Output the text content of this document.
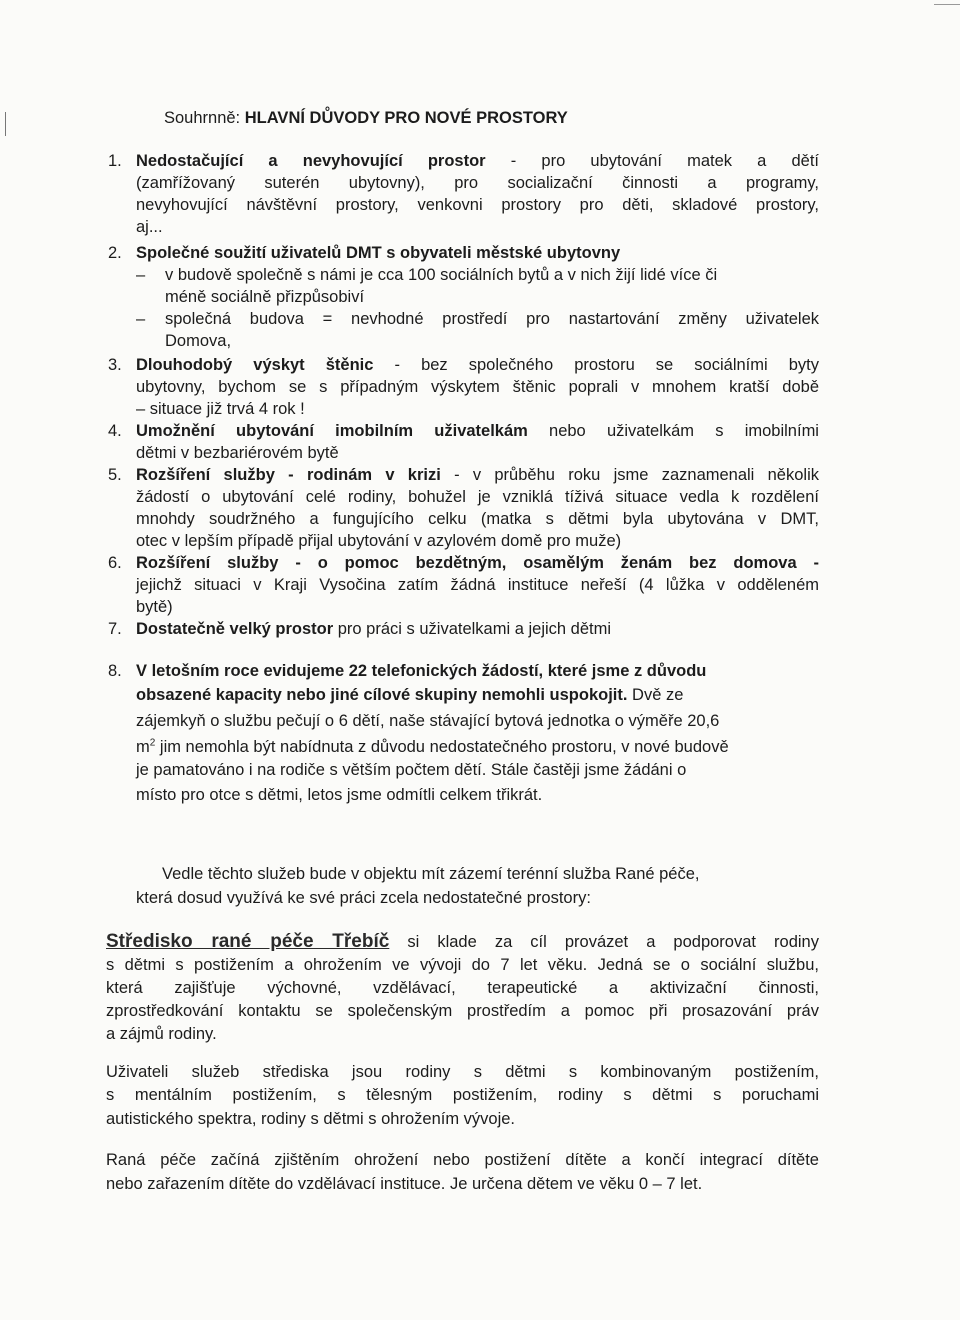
Souhrnně: HLAVNÍ DŮVODY PRO NOVÉ PROSTORY
1. Nedostačující a nevyhovující prostor - pro ubytování matek a dětí
(zamřížovaný suterén ubytovny), pro socializační činnosti a programy,
nevyhovující návštěvní prostory, venkovni prostory pro děti, skladové prostory,
aj...
2. Společné soužití uživatelů DMT s obyvateli městské ubytovny
– v budově společně s námi je cca 100 sociálních bytů a v nich žijí lidé více či
méně sociálně přizpůsobiví
– společná budova = nevhodné prostředí pro nastartování změny uživatelek
Domova,
3. Dlouhodobý výskyt štěnic - bez společného prostoru se sociálními byty
ubytovny, bychom se s případným výskytem štěnic poprali v mnohem kratší době
– situace již trvá 4 rok !
4. Umožnění ubytování imobilním uživatelkám nebo uživatelkám s imobilními
dětmi v bezbariérovém bytě
5. Rozšíření služby - rodinám v krizi - v průběhu roku jsme zaznamenali několik
žádostí o ubytování celé rodiny, bohužel je vzniklá tíživá situace vedla k rozdělení
mnohdy soudržného a fungujícího celku (matka s dětmi byla ubytována v DMT,
otec v lepším případě přijal ubytování v azylovém domě pro muže)
6. Rozšíření služby - o pomoc bezdětným, osamělým ženám bez domova -
jejichž situaci v Kraji Vysočina zatím žádná instituce neřeší (4 lůžka v odděleném
bytě)
7. Dostatečně velký prostor pro práci s uživatelkami a jejich dětmi
8. V letošním roce evidujeme 22 telefonických žádostí, které jsme z důvodu
obsazené kapacity nebo jiné cílové skupiny nemohli uspokojit. Dvě ze
zájemkyň o službu pečují o 6 dětí, naše stávající bytová jednotka o výměře 20,6
$m^2$ jim nemohla být nabídnuta z důvodu nedostatečného prostoru, v nové budově
je pamatováno i na rodiče s větším počtem dětí. Stále častěji jsme žádáni o
místo pro otce s dětmi, letos jsme odmítli celkem třikrát.
Vedle těchto služeb bude v objektu mít zázemí terénní služba Rané péče,
která dosud využívá ke své práci zcela nedostatečné prostory:
Středisko rané péče Třebíč si klade za cíl provázet a podporovat rodiny
s dětmi s postižením a ohrožením ve vývoji do 7 let věku. Jedná se o sociální službu,
která zajišťuje výchovné, vzdělávací, terapeutické a aktivizační činnosti,
zprostředkování kontaktu se společenským prostředím a pomoc při prosazování práv
a zájmů rodiny.
Uživateli služeb střediska jsou rodiny s dětmi s kombinovaným postižením,
s mentálním postižením, s tělesným postižením, rodiny s dětmi s poruchami
autistického spektra, rodiny s dětmi s ohrožením vývoje.
Raná péče začíná zjištěním ohrožení nebo postižení dítěte a končí integrací dítěte
nebo zařazením dítěte do vzdělávací instituce. Je určena dětem ve věku 0 – 7 let.
